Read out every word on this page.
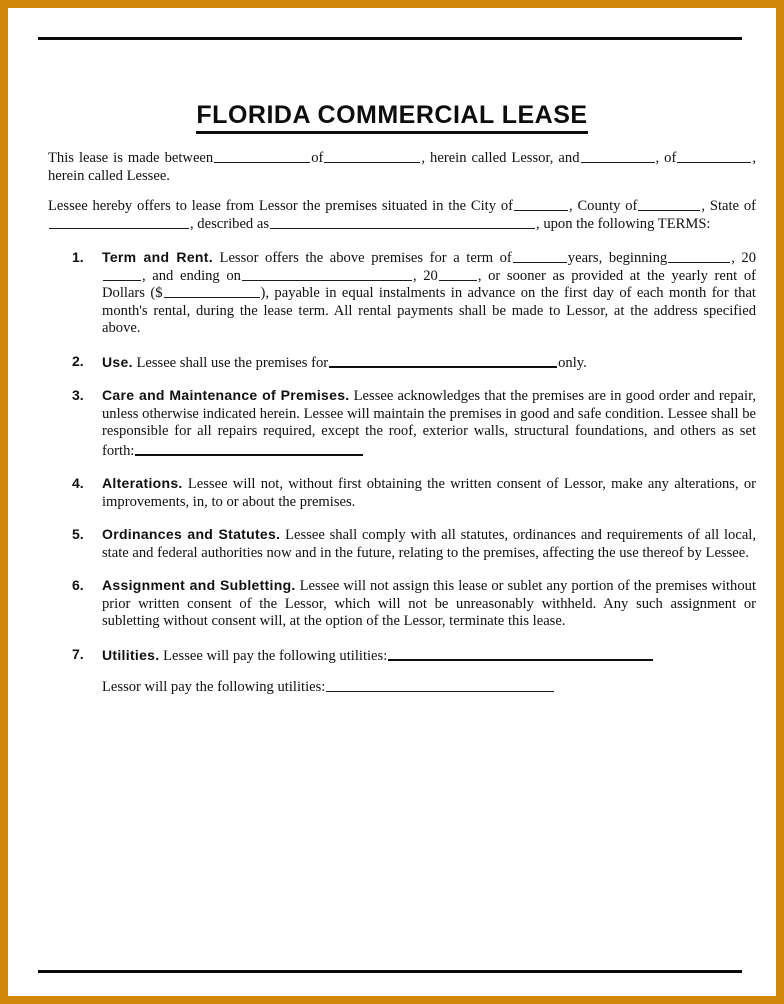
FLORIDA COMMERCIAL LEASE

This lease is made between	of	, herein called Lessor, and	, of	, herein called Lessee.

Lessee hereby offers to lease from Lessor the premises situated in the City of	, County of	, State of, described as	, upon the following TERMS:

1. Term and Rent. Lessor offers the above premises for a term of	years, beginning	, 20, and ending on	, 20	, or sooner as provided at the yearly rent of Dollars ($	), payable in equal instalments in advance on the first day of each month for that month's rental, during the lease term. All rental payments shall be made to Lessor, at the address specified above.
2. Use. Lessee shall use the premises for	only.
3. Care and Maintenance of Premises. Lessee acknowledges that the premises are in good order and repair, unless otherwise indicated herein. Lessee will maintain the premises in good and safe condition. Lessee shall be responsible for all repairs required, except the roof, exterior walls, structural foundations, and others as set forth:
4. Alterations. Lessee will not, without first obtaining the written consent of Lessor, make any alterations, or improvements, in, to or about the premises.
5. Ordinances and Statutes. Lessee shall comply with all statutes, ordinances and requirements of all local, state and federal authorities now and in the future, relating to the premises, affecting the use thereof by Lessee.
6. Assignment and Subletting. Lessee will not assign this lease or sublet any portion of the premises without prior written consent of the Lessor, which will not be unreasonably withheld. Any such assignment or subletting without consent will, at the option of the Lessor, terminate this lease.
7. Utilities. Lessee will pay the following utilities:
Lessor will pay the following utilities:
